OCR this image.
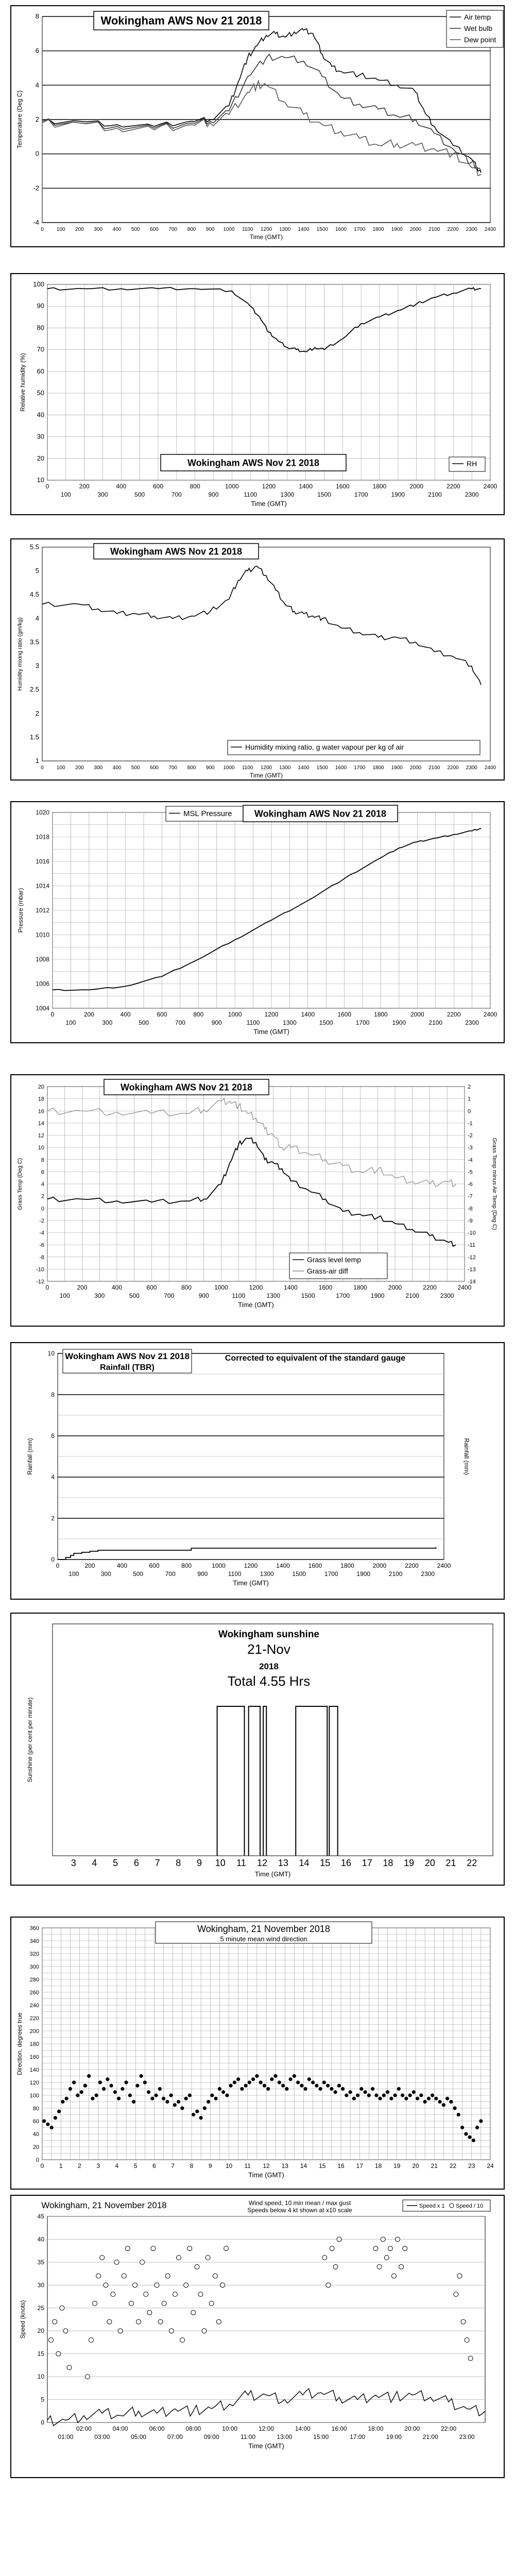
-4
-2
0
2
4
6
8
0	100 200 300 400 500 600 700 800 900 1000 1100 1200 1300 1400 1500 1600 1700 1800 1900 2000 2100 2200 2300 2400
Time (GMT)
Temperature (Deg C)
Wokingham AWS Nov 21 2018	Air temp
Wet bulb
Dew point
10
20
30
40
50
60
70
80
90
100
0	200	400	600	800	1000	1200	1400	1600	1800	2000	2200	2400
100	300	500	700	900	1100	1300	1500	1700	1900	2100	2300
Time (GMT)
Relative humidity (%)
Wokingham AWS Nov 21 2018	RH
1
1.5
2
2.5
3
3.5
4
4.5
5
5.5
0	100 200 300 400 500 600 700 800 900 1000 1100 1200 1300 1400 1500 1600 1700 1800 1900 2000 2100 2200 2300 2400
Time (GMT)
Humidity mixing ratio (gm/kg)
Wokingham AWS Nov 21 2018
Humidity mixing ratio, g water vapour per kg of air
1004
1006
1008
1010
1012
1014
1016
1018
1020
0	200	400	600	800	1000	1200	1400	1600	1800	2000	2200	2400
100	300	500	700	900	1100	1300	1500	1700	1900	2100	2300
Time (GMT)
Pressure (mbar)
MSL Pressure Wokingham AWS Nov 21 2018
-12
-10
-8
-6
-4
-2
0
2
4
6
8
10
12
14
16
18
20
-14
-13
-12
-11
-10
-9
-8
-7
-6
-5
-4
-3
-2
-1
0
1
2
0	200	400	600	800	1000	1200	1400	1600	1800	2000	2200	2400
100	300	500	700	900	1100	1300	1500	1700	1900	2100	2300
Time (GMT)
Grass Temp (Deg C)	Grass Temp minus Air Temp (Deg C)
Wokingham AWS Nov 21 2018
Grass level temp
Grass-air diff
0
2
4
6
8
10
0	200	400	600	800	1000	1200	1400	1600	1800	2000	2200	2400
100	300	500	700	900	1100	1300	1500	1700	1900	2100	2300
Time (GMT)
Rainfall (mm)	Rainfall (mm)
Wokingham AWS Nov 21 2018
Rainfall (TBR)
Corrected to equivalent of the standard gauge
3 4 5 6 7 8 9 10 11 12 13 14 15 16 17 18 19 20 21 22
Time (GMT)
Sunshine (per cent per minute)
Wokingham sunshine
21-Nov
2018
Total 4.55 Hrs
0
20
40
60
80
100
120
140
160
180
200
220
240
260
280
300
320
340
360
0 1 2 3 4 5 6 7 8 9 10 11 12 13 14 15 16 17 18 19 20 21 22 23 24
Time (GMT)
Direction, degrees true
Wokingham, 21 November 2018
5 minute mean wind direction
0
5
10
15
20
25
30
35
40
45
02:00	04:00	06:00	08:00	10:00	12:00	14:00	16:00	18:00	20:00	22:00
01:00	03:00	05:00	07:00	09:00	11:00	13:00	15:00	17:00	19:00	21:00	23:00
Time (GMT)
Speed (knots)
Wokingham, 21 November 2018	Wind speed, 10 min mean / max gust
Speeds below 4 kt shown at x10 scale
Speed x 1 Speed / 10
